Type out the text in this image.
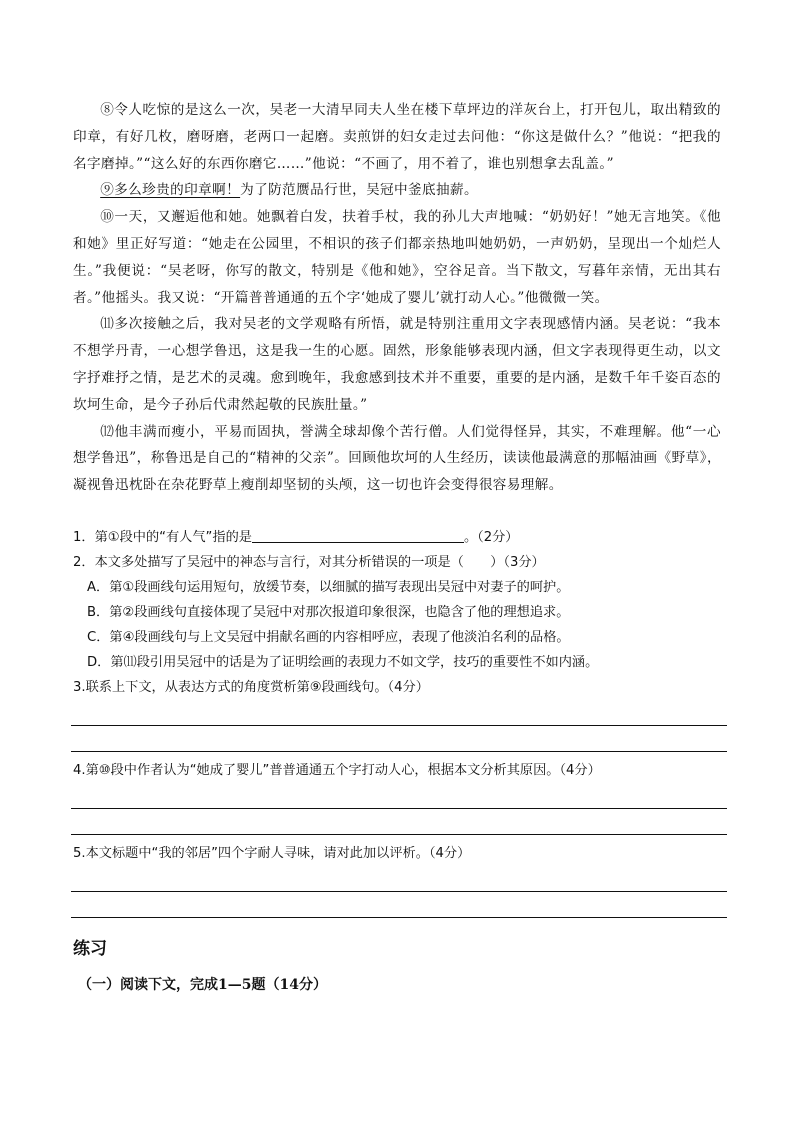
⑧令人吃惊的是这么一次，吴老一大清早同夫人坐在楼下草坪边的洋灰台上，打开包儿，取出精致的印章，有好几枚，磨呀磨，老两口一起磨。卖煎饼的妇女走过去问他：“你这是做什么？”他说：“把我的名字磨掉。”“这么好的东西你磨它……”他说：“不画了，用不着了，谁也别想拿去乱盖。”

⑨多么珍贵的印章啊！为了防范赝品行世，吴冠中釜底抽薪。

⑩一天，又邂逅他和她。她飘着白发，扶着手杖，我的孙儿大声地喊：“奶奶好！”她无言地笑。《他和她》里正好写道：“她走在公园里，不相识的孩子们都亲热地叫她奶奶，一声奶奶，呈现出一个灿烂人生。”我便说：“吴老呀，你写的散文，特别是《他和她》，空谷足音。当下散文，写暮年亲情，无出其右者。”他摇头。我又说：“开篇普普通通的五个字‘她成了婴儿’就打动人心。”他微微一笑。

⑾多次接触之后，我对吴老的文学观略有所悟，就是特别注重用文字表现感情内涵。吴老说：“我本不想学丹青，一心想学鲁迅，这是我一生的心愿。固然，形象能够表现内涵，但文字表现得更生动，以文字抒难抒之情，是艺术的灵魂。愈到晚年，我愈感到技术并不重要，重要的是内涵，是数千年千姿百态的坎坷生命，是今子孙后代肃然起敬的民族肚量。”

⑿他丰满而瘦小，平易而固执，誉满全球却像个苦行僧。人们觉得怪异，其实，不难理解。他“一心想学鲁迅”，称鲁迅是自己的“精神的父亲”。回顾他坎坷的人生经历，读读他最满意的那幅油画《野草》，凝视鲁迅枕卧在杂花野草上瘦削却坚韧的头颅，这一切也许会变得很容易理解。

1．第①段中的“有人气”指的是	。（2分）
2．本文多处描写了吴冠中的神态与言行，对其分析错误的一项是（　　）（3分）
A．第①段画线句运用短句，放缓节奏，以细腻的描写表现出吴冠中对妻子的呵护。
B．第②段画线句直接体现了吴冠中对那次报道印象很深，也隐含了他的理想追求。
C．第④段画线句与上文吴冠中捐献名画的内容相呼应，表现了他淡泊名利的品格。
D．第⑾段引用吴冠中的话是为了证明绘画的表现力不如文学，技巧的重要性不如内涵。
3.联系上下文，从表达方式的角度赏析第⑨段画线句。（4分）
4.第⑩段中作者认为“她成了婴儿”普普通通五个字打动人心，根据本文分析其原因。（4分）
5.本文标题中“我的邻居”四个字耐人寻味，请对此加以评析。（4分）
练习
（一）阅读下文，完成1—5题（14分）
